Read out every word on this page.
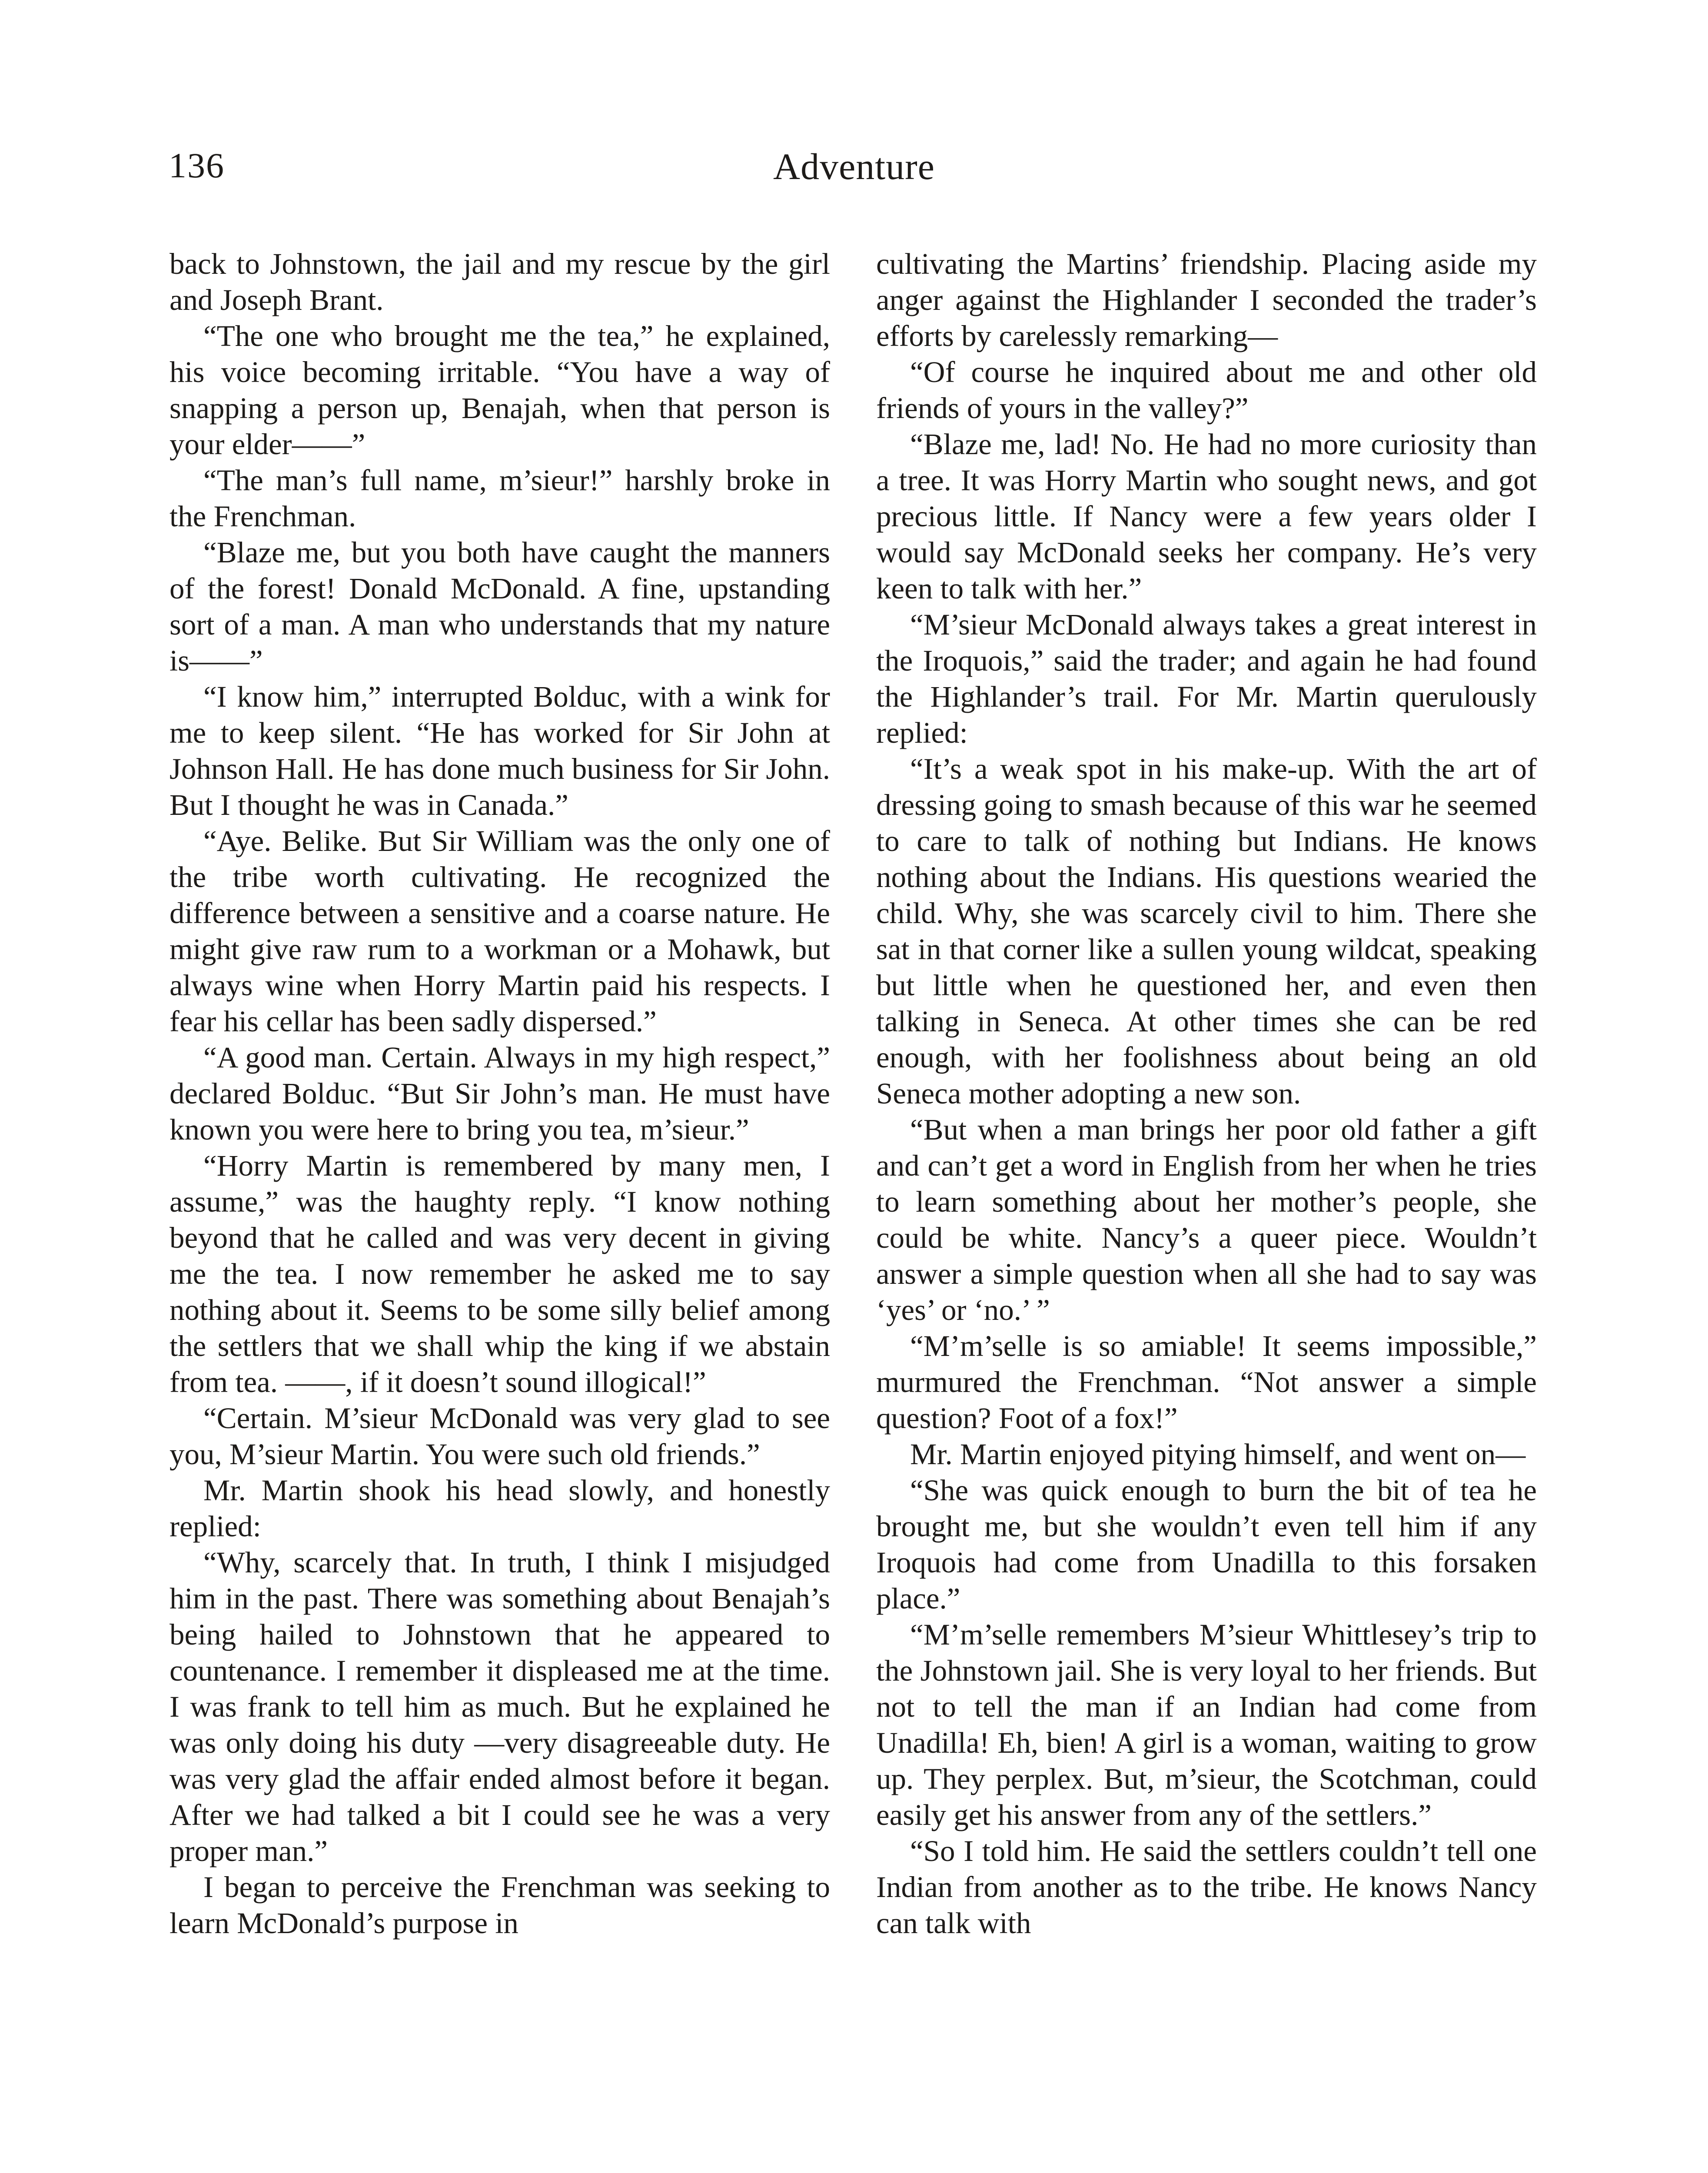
136	Adventure

back to Johnstown, the jail and my rescue by the girl and Joseph Brant.

“The one who brought me the tea,” he explained, his voice becoming irritable. “You have a way of snapping a person up, Benajah, when that person is your elder——”

“The man’s full name, m’sieur!” harshly broke in the Frenchman.

“Blaze me, but you both have caught the manners of the forest! Donald McDonald. A fine, upstanding sort of a man. A man who understands that my nature is——”

“I know him,” interrupted Bolduc, with a wink for me to keep silent. “He has worked for Sir John at Johnson Hall. He has done much business for Sir John. But I thought he was in Canada.”

“Aye. Belike. But Sir William was the only one of the tribe worth cultivating. He recognized the difference between a sensitive and a coarse nature. He might give raw rum to a workman or a Mohawk, but always wine when Horry Martin paid his respects. I fear his cellar has been sadly dispersed.”

“A good man. Certain. Always in my high respect,” declared Bolduc. “But Sir John’s man. He must have known you were here to bring you tea, m’sieur.”

“Horry Martin is remembered by many men, I assume,” was the haughty reply. “I know nothing beyond that he called and was very decent in giving me the tea. I now remember he asked me to say nothing about it. Seems to be some silly belief among the settlers that we shall whip the king if we abstain from tea. ——, if it doesn’t sound illogical!”

“Certain. M’sieur McDonald was very glad to see you, M’sieur Martin. You were such old friends.”

Mr. Martin shook his head slowly, and honestly replied:

“Why, scarcely that. In truth, I think I misjudged him in the past. There was something about Benajah’s being hailed to Johnstown that he appeared to countenance. I remember it displeased me at the time. I was frank to tell him as much. But he explained he was only doing his duty —very disagreeable duty. He was very glad the affair ended almost before it began. After we had talked a bit I could see he was a very proper man.”

I began to perceive the Frenchman was seeking to learn McDonald’s purpose in

cultivating the Martins’ friendship. Placing aside my anger against the Highlander I seconded the trader’s efforts by carelessly remarking—

“Of course he inquired about me and other old friends of yours in the valley?”

“Blaze me, lad! No. He had no more curiosity than a tree. It was Horry Martin who sought news, and got precious little. If Nancy were a few years older I would say McDonald seeks her company. He’s very keen to talk with her.”

“M’sieur McDonald always takes a great interest in the Iroquois,” said the trader; and again he had found the Highlander’s trail. For Mr. Martin querulously replied:

“It’s a weak spot in his make-up. With the art of dressing going to smash because of this war he seemed to care to talk of nothing but Indians. He knows nothing about the Indians. His questions wearied the child. Why, she was scarcely civil to him. There she sat in that corner like a sullen young wildcat, speaking but little when he questioned her, and even then talking in Seneca. At other times she can be red enough, with her foolishness about being an old Seneca mother adopting a new son.

“But when a man brings her poor old father a gift and can’t get a word in English from her when he tries to learn something about her mother’s people, she could be white. Nancy’s a queer piece. Wouldn’t answer a simple question when all she had to say was ‘yes’ or ‘no.’ ”

“M’m’selle is so amiable! It seems impossible,” murmured the Frenchman. “Not answer a simple question? Foot of a fox!”

Mr. Martin enjoyed pitying himself, and went on—

“She was quick enough to burn the bit of tea he brought me, but she wouldn’t even tell him if any Iroquois had come from Unadilla to this forsaken place.”

“M’m’selle remembers M’sieur Whittlesey’s trip to the Johnstown jail. She is very loyal to her friends. But not to tell the man if an Indian had come from Unadilla! Eh, bien! A girl is a woman, waiting to grow up. They perplex. But, m’sieur, the Scotchman, could easily get his answer from any of the settlers.”

“So I told him. He said the settlers couldn’t tell one Indian from another as to the tribe. He knows Nancy can talk with
